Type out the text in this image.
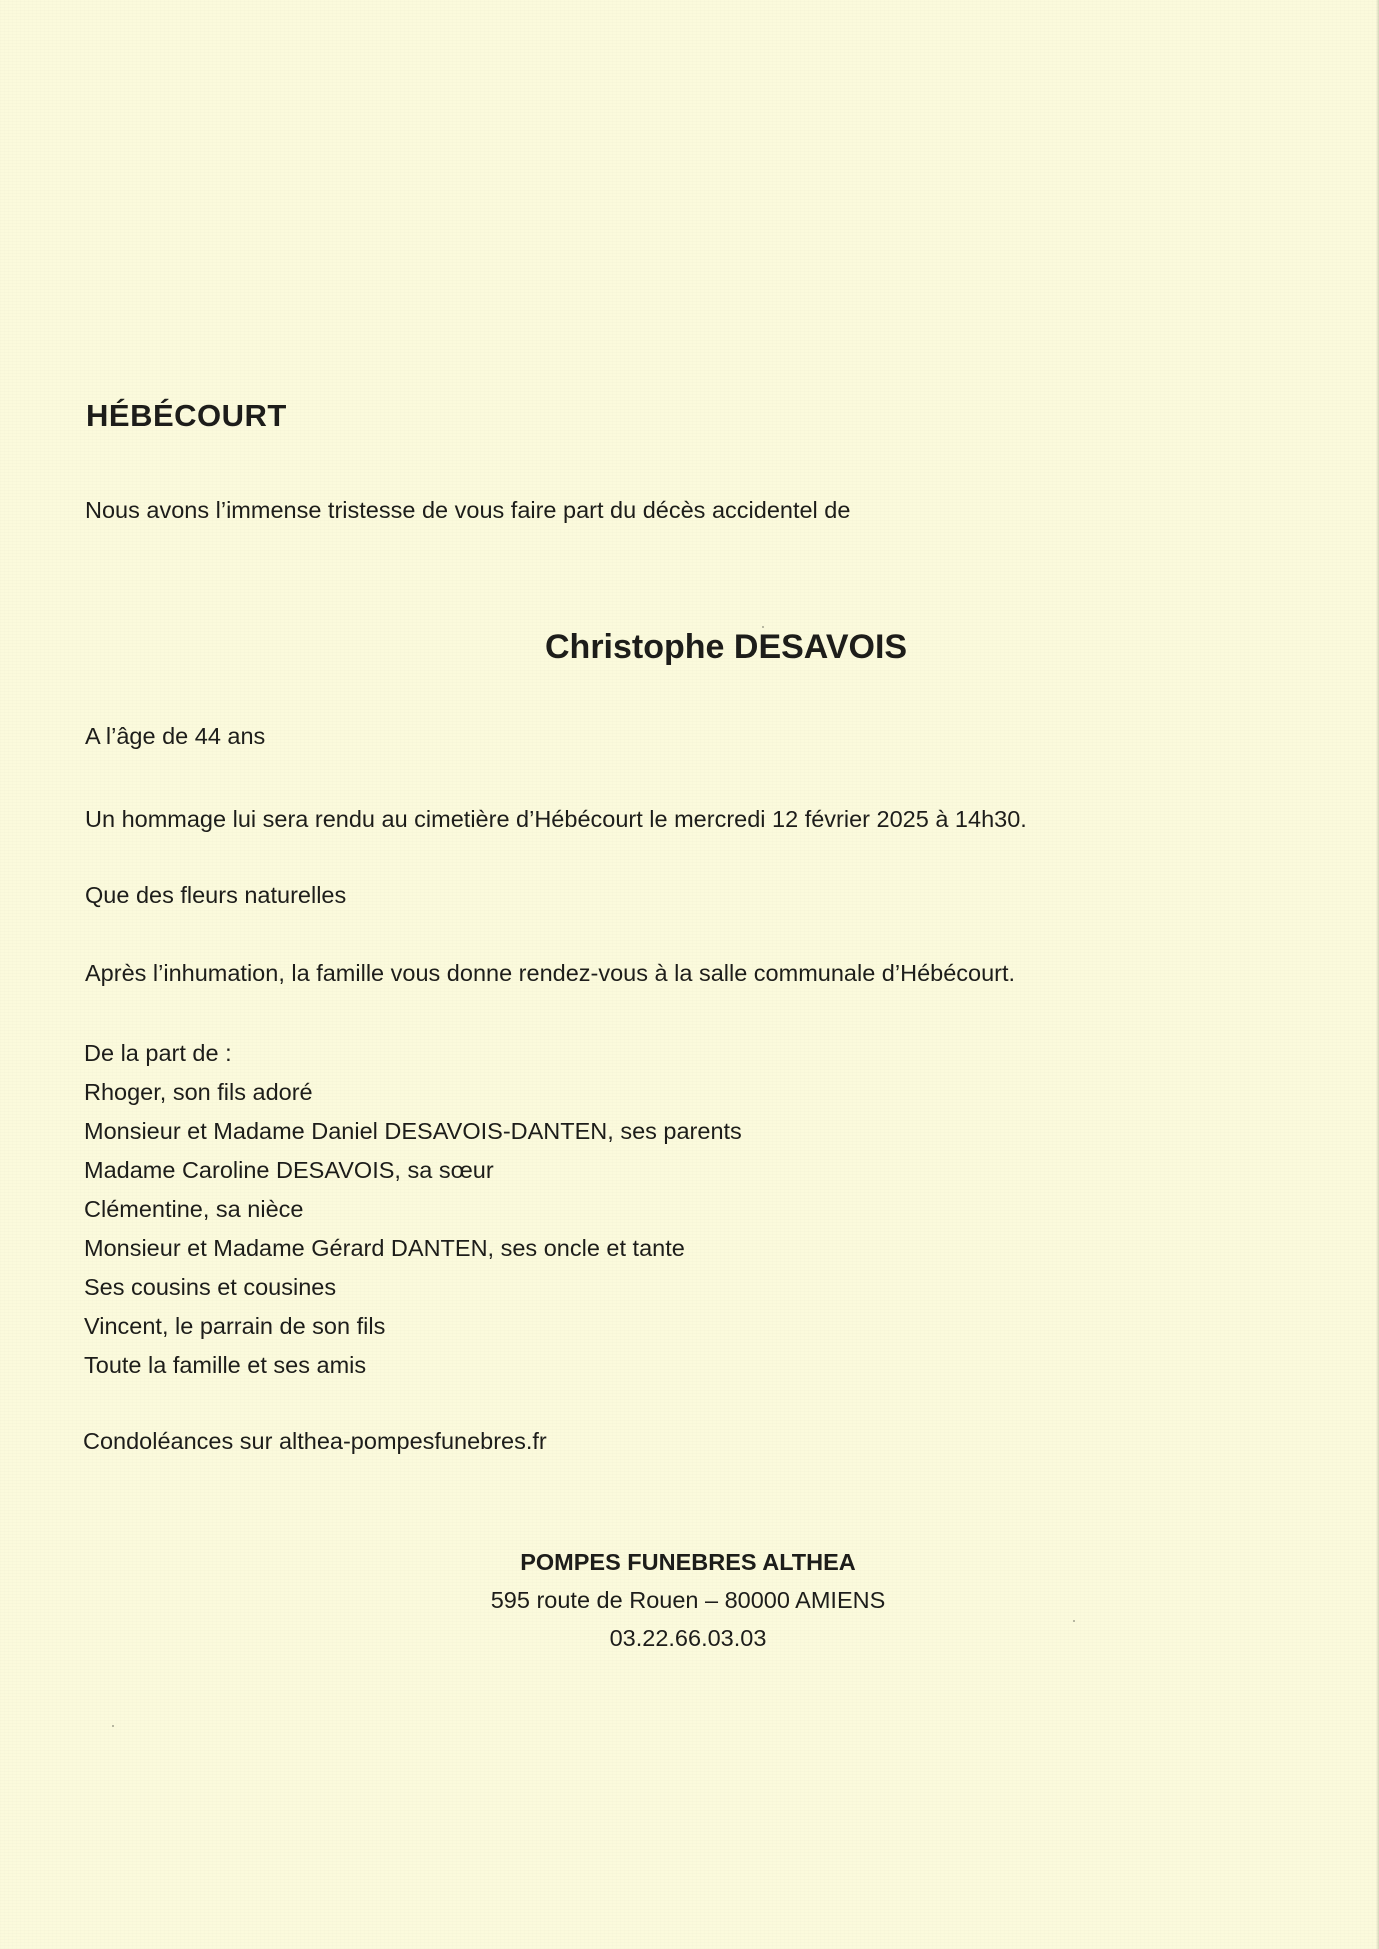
HÉBÉCOURT
Nous avons l’immense tristesse de vous faire part du décès accidentel de
Christophe DESAVOIS
A l’âge de 44 ans
Un hommage lui sera rendu au cimetière d’Hébécourt le mercredi 12 février 2025 à 14h30.
Que des fleurs naturelles
Après l’inhumation, la famille vous donne rendez-vous à la salle communale d’Hébécourt.
De la part de :
Rhoger, son fils adoré
Monsieur et Madame Daniel DESAVOIS-DANTEN, ses parents
Madame Caroline DESAVOIS, sa sœur
Clémentine, sa nièce
Monsieur et Madame Gérard DANTEN, ses oncle et tante
Ses cousins et cousines
Vincent, le parrain de son fils
Toute la famille et ses amis
Condoléances sur althea-pompesfunebres.fr
POMPES FUNEBRES ALTHEA
595 route de Rouen – 80000 AMIENS
03.22.66.03.03
